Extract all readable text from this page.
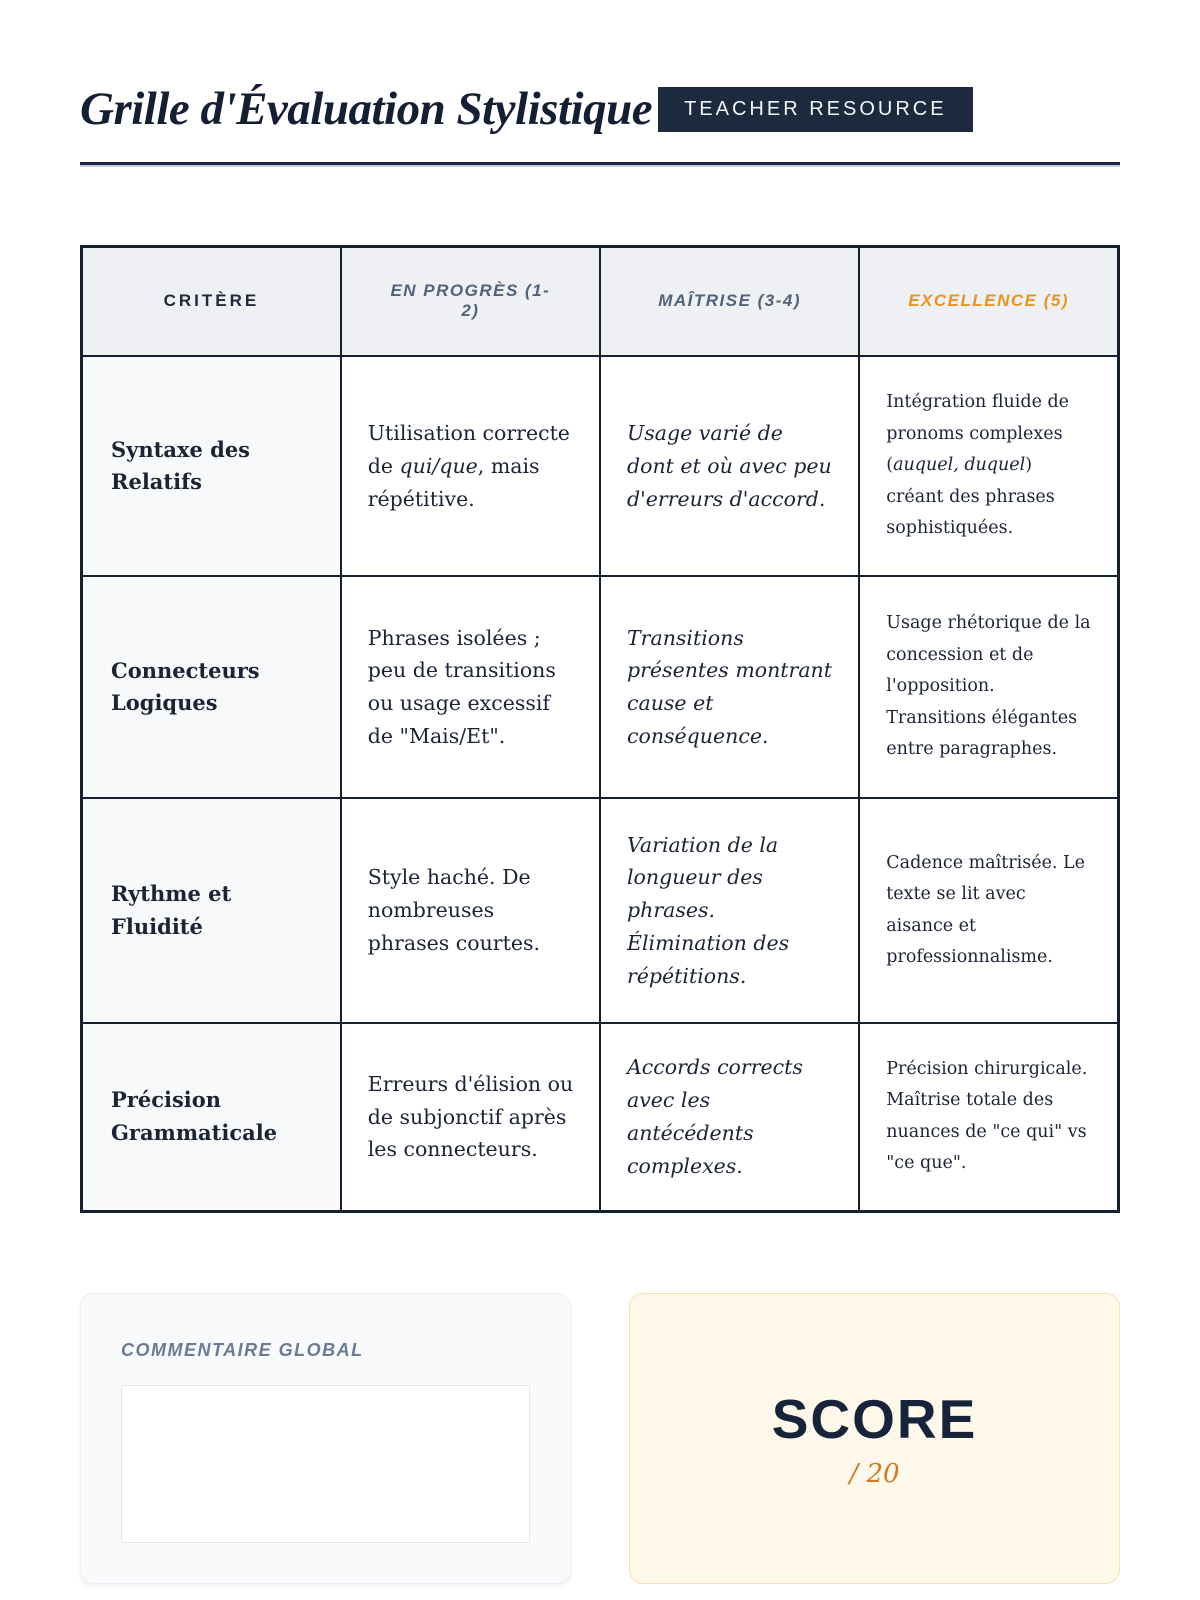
Grille d'Évaluation Stylistique	TEACHER RESOURCE
CRITÈRE	EN PROGRÈS (1-2)	MAÎTRISE (3-4)	EXCELLENCE (5)
Syntaxe des Relatifs	Utilisation correcte de qui/que, mais répétitive.	Usage varié de dont et où avec peu d'erreurs d'accord.	Intégration fluide de pronoms complexes (auquel, duquel) créant des phrases sophistiquées.
Connecteurs Logiques	Phrases isolées ; peu de transitions ou usage excessif de "Mais/Et".	Transitions présentes montrant cause et conséquence.	Usage rhétorique de la concession et de l'opposition. Transitions élégantes entre paragraphes.
Rythme et Fluidité	Style haché. De nombreuses phrases courtes.	Variation de la longueur des phrases. Élimination des répétitions.	Cadence maîtrisée. Le texte se lit avec aisance et professionnalisme.
Précision Grammaticale	Erreurs d'élision ou de subjonctif après les connecteurs.	Accords corrects avec les antécédents complexes.	Précision chirurgicale. Maîtrise totale des nuances de "ce qui" vs "ce que".
COMMENTAIRE GLOBAL
SCORE
/ 20
